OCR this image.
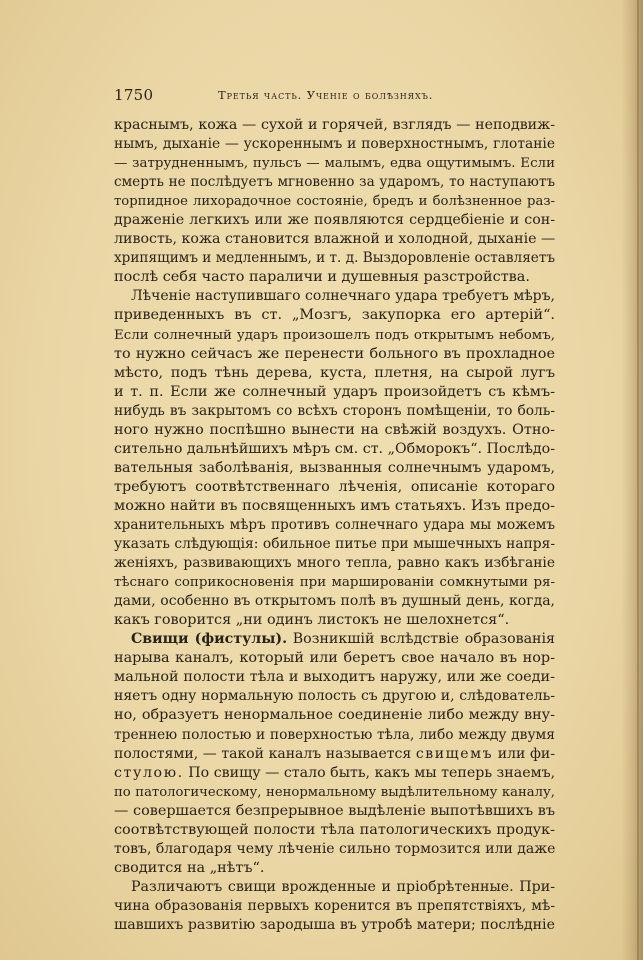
1750	Третья часть. Ученіе о болѣзняхъ.
краснымъ, кожа — сухой и горячей, взглядъ — неподвиж-
нымъ, дыханіе — ускореннымъ и поверхностнымъ, глотаніе
— затрудненнымъ, пульсъ — малымъ, едва ощутимымъ. Если
смерть не послѣдуетъ мгновенно за ударомъ, то наступаютъ
торпидное лихорадочное состояніе, бредъ и болѣзненное раз-
драженіе легкихъ или же появляются сердцебіеніе и сон-
ливость, кожа становится влажной и холодной, дыханіе —
хрипящимъ и медленнымъ, и т. д. Выздоровленіе оставляетъ
послѣ себя часто параличи и душевныя разстройства.
Лѣченіе наступившаго солнечнаго удара требуетъ мѣръ,
приведенныхъ въ ст. „Мозгъ, закупорка его артерій“.
Если солнечный ударъ произошелъ подъ открытымъ небомъ,
то нужно сейчасъ же перенести больного въ прохладное
мѣсто, подъ тѣнь дерева, куста, плетня, на сырой лугъ
и т. п. Если же солнечный ударъ произойдетъ съ кѣмъ-
нибудь въ закрытомъ со всѣхъ сторонъ помѣщеніи, то боль-
ного нужно поспѣшно вынести на свѣжій воздухъ. Отно-
сительно дальнѣйшихъ мѣръ см. ст. „Обморокъ“. Послѣдо-
вательныя заболѣванія, вызванныя солнечнымъ ударомъ,
требуютъ соотвѣтственнаго лѣченія, описаніе котораго
можно найти въ посвященныхъ имъ статьяхъ. Изъ предо-
хранительныхъ мѣръ противъ солнечнаго удара мы можемъ
указать слѣдующія: обильное питье при мышечныхъ напря-
женіяхъ, развивающихъ много тепла, равно какъ избѣганіе
тѣснаго соприкосновенія при маршированіи сомкнутыми ря-
дами, особенно въ открытомъ полѣ въ душный день, когда,
какъ говорится „ни одинъ листокъ не шелохнется“.
Свищи (фистулы). Возникшій вслѣдствіе образованія
нарыва каналъ, который или беретъ свое начало въ нор-
мальной полости тѣла и выходитъ наружу, или же соеди-
няетъ одну нормальную полость съ другою и, слѣдователь-
но, образуетъ ненормальное соединеніе либо между вну-
треннею полостью и поверхностью тѣла, либо между двумя
полостями, — такой каналъ называется свищемъ или фи-
стулою. По свищу — стало быть, какъ мы теперь знаемъ,
по патологическому, ненормальному выдѣлительному каналу,
— совершается безпрерывное выдѣленіе выпотѣвшихъ въ
соотвѣтствующей полости тѣла патологическихъ продук-
товъ, благодаря чему лѣченіе сильно тормозится или даже
сводится на „нѣтъ“.
Различаютъ свищи врожденные и пріобрѣтенные. При-
чина образованія первыхъ коренится въ препятствіяхъ, мѣ-
шавшихъ развитію зародыша въ утробѣ матери; послѣдніе
